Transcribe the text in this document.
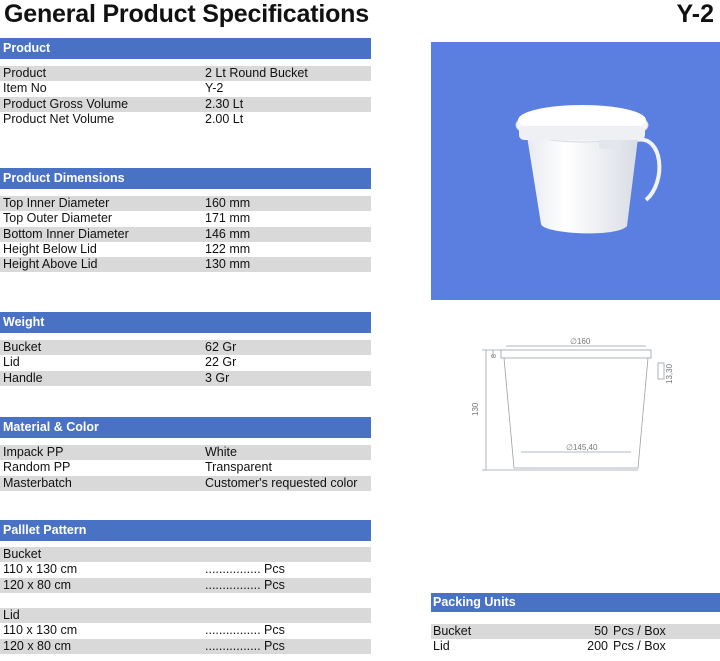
General Product Specifications	Y-2
Product
Product	2 Lt Round Bucket
Item No	Y-2
Product Gross Volume	2.30 Lt
Product Net Volume	2.00 Lt
Product Dimensions
Top Inner Diameter	160 mm
Top Outer Diameter	171 mm
Bottom Inner Diameter	146 mm
Height Below Lid	122 mm
Height Above Lid	130 mm
Weight
Bucket	62 Gr
Lid	22 Gr
Handle	3 Gr
Material & Color
Impack PP	White
Random PP	Transparent
Masterbatch	Customer's requested color
Palllet Pattern
Bucket
110 x 130 cm	................ Pcs
120 x 80 cm	................ Pcs
Lid
110 x 130 cm	................ Pcs
120 x 80 cm	................ Pcs
∅160
∅145,40
130
8
13,30
Packing Units
Bucket	50 Pcs / Box
Lid	200 Pcs / Box
